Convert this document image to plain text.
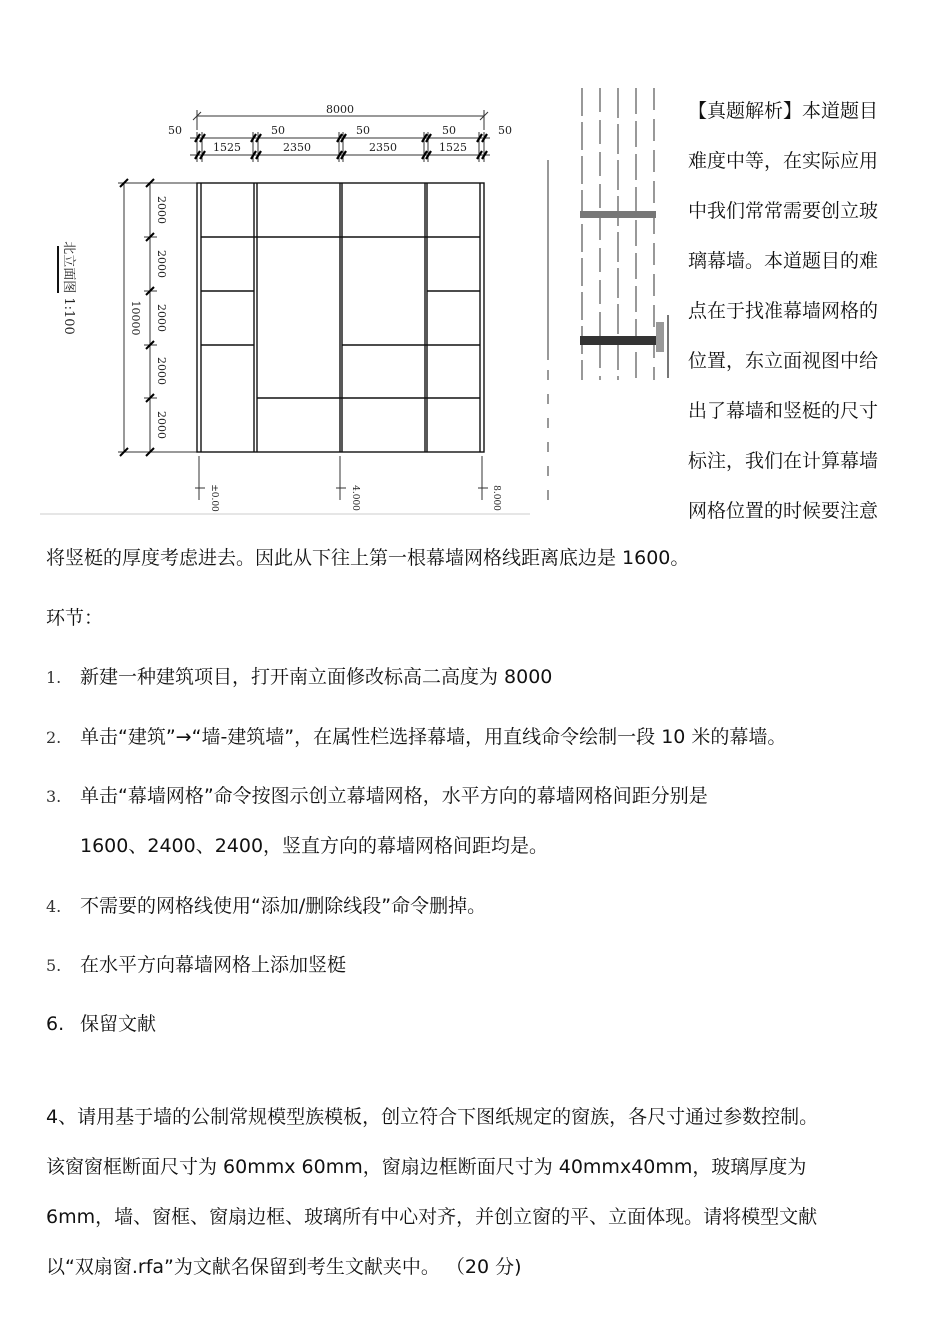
8000
50	50	50	50	50
1525	2350	2350	1525
2000
2000
2000
2000
2000
10000
北立面图 1:100
±0.00	4.000	8.000
【真题解析】本道题目
难度中等，在实际应用
中我们常常需要创立玻
璃幕墙。本道题目的难
点在于找准幕墙网格的
位置，东立面视图中给
出了幕墙和竖梃的尺寸
标注，我们在计算幕墙
网格位置的时候要注意
将竖梃的厚度考虑进去。因此从下往上第一根幕墙网格线距离底边是 1600。
环节：
1. 新建一种建筑项目，打开南立面修改标高二高度为 8000
2. 单击“建筑”→“墙-建筑墙”，在属性栏选择幕墙，用直线命令绘制一段 10 米的幕墙。
3. 单击“幕墙网格”命令按图示创立幕墙网格，水平方向的幕墙网格间距分别是
1600、2400、2400，竖直方向的幕墙网格间距均是。
4. 不需要的网格线使用“添加/删除线段”命令删掉。
5. 在水平方向幕墙网格上添加竖梃
6. 保留文献
4、请用基于墙的公制常规模型族模板，创立符合下图纸规定的窗族，各尺寸通过参数控制。
该窗窗框断面尺寸为 60mmx 60mm，窗扇边框断面尺寸为 40mmx40mm，玻璃厚度为
6mm，墙、窗框、窗扇边框、玻璃所有中心对齐，并创立窗的平、立面体现。请将模型文献
以“双扇窗.rfa”为文献名保留到考生文献夹中。 （20 分)
